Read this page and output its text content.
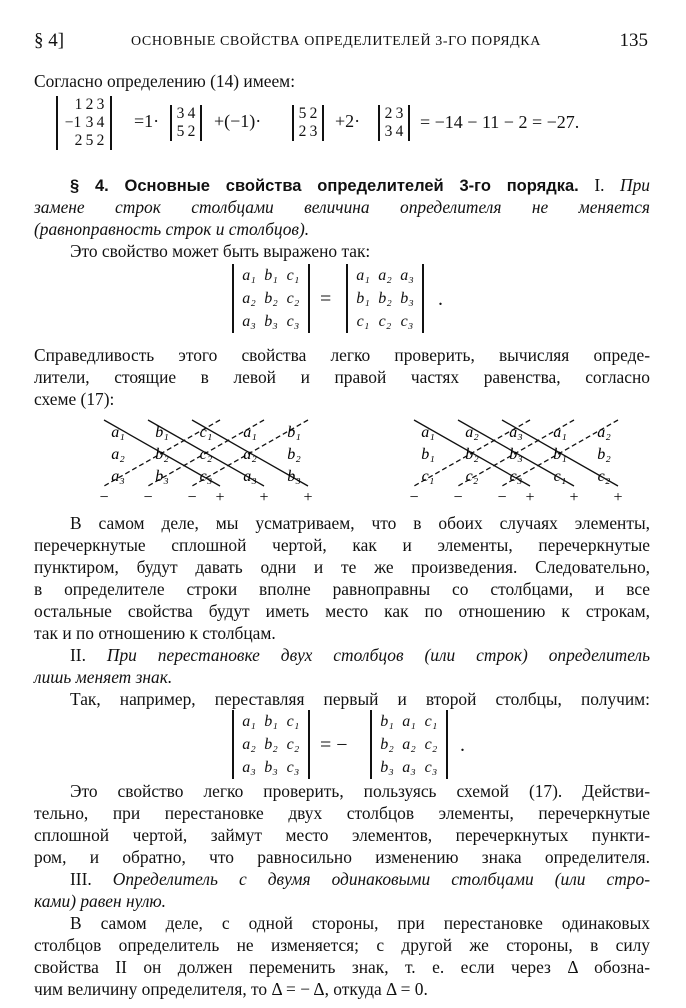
§ 4]	ОСНОВНЫЕ СВОЙСТВА ОПРЕДЕЛИТЕЛЕЙ 3-ГО ПОРЯДКА	135
Согласно определению (14) имеем:
1 2 3
−1 3 4
2 5 2
=1· 3 4
5 2
+(−1)· 5 2
2 3
+2· 2 3
3 4 = −14 − 11 − 2 = −27.
§ 4. Основные свойства определителей 3-го порядка. I. При
замене строк столбцами величина определителя не меняется
(равноправность строк и столбцов).
Это свойство может быть выражено так:
a₁ b₁ c₁
a₂ b₂ c₂
a₃ b₃ c₃
=
a₁ a₂ a₃
b₁ b₂ b₃
c₁ c₂ c₃
.
Справедливость этого свойства легко проверить, вычисляя опреде-
лители, стоящие в левой и правой частях равенства, согласно
схеме (17):
a₁ b₁ c₁ a₁ b₁
a₂ b₂ c₂ a₂ b₂
a₃ b₃ c₃ a₃ b₃
− − − + + +
a₁ a₂ a₃ a₁ a₂
b₁ b₂ b₃ b₁ b₂
c₁ c₂ c₃ c₁ c₂
− − − + + +
В самом деле, мы усматриваем, что в обоих случаях элементы,
перечеркнутые сплошной чертой, как и элементы, перечеркнутые
пунктиром, будут давать одни и те же произведения. Следовательно,
в определителе строки вполне равноправны со столбцами, и все
остальные свойства будут иметь место как по отношению к строкам,
так и по отношению к столбцам.
II. При перестановке двух столбцов (или строк) определитель
лишь меняет знак.
Так, например, переставляя первый и второй столбцы, получим:
a₁ b₁ c₁
a₂ b₂ c₂
a₃ b₃ c₃
= −
b₁ a₁ c₁
b₂ a₂ c₂
b₃ a₃ c₃
.
Это свойство легко проверить, пользуясь схемой (17). Действи-
тельно, при перестановке двух столбцов элементы, перечеркнутые
сплошной чертой, займут место элементов, перечеркнутых пункти-
ром, и обратно, что равносильно изменению знака определителя.
III. Определитель с двумя одинаковыми столбцами (или стро-
ками) равен нулю.
В самом деле, с одной стороны, при перестановке одинаковых
столбцов определитель не изменяется; с другой же стороны, в силу
свойства II он должен переменить знак, т. е. если через Δ обозна-
чим величину определителя, то Δ = − Δ, откуда Δ = 0.
